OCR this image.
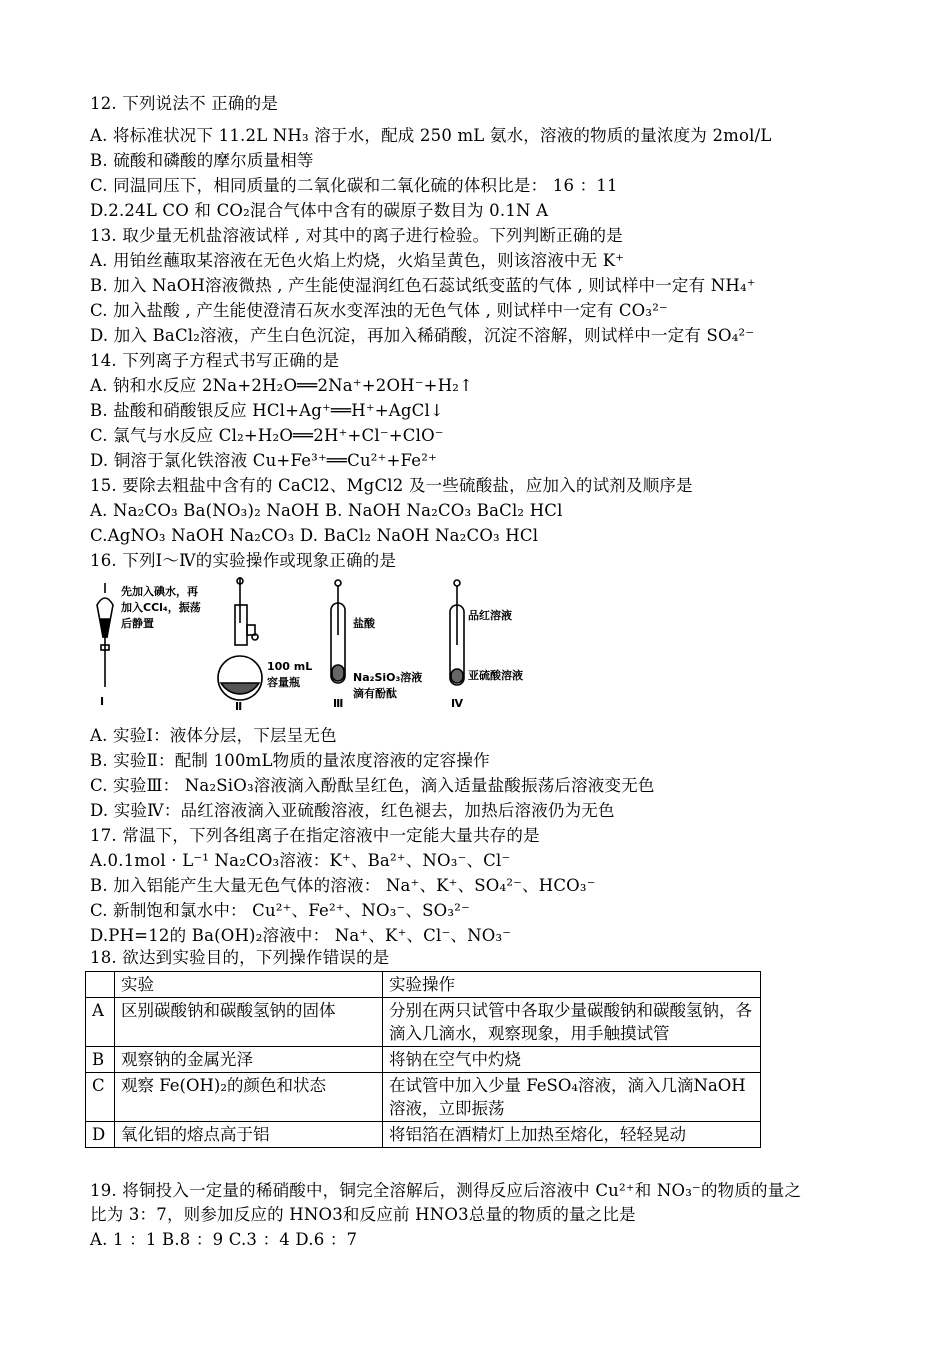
12. 下列说法不 正确的是
A. 将标准状况下 11.2L NH₃ 溶于水，配成 250 mL 氨水，溶液的物质的量浓度为 2mol/L
B. 硫酸和磷酸的摩尔质量相等
C. 同温同压下，相同质量的二氧化碳和二氧化硫的体积比是： 16 ：11
D.2.24L CO 和 CO₂混合气体中含有的碳原子数目为 0.1N A
13. 取少量无机盐溶液试样 , 对其中的离子进行检验。下列判断正确的是
A. 用铂丝蘸取某溶液在无色火焰上灼烧，火焰呈黄色，则该溶液中无 K⁺
B. 加入 NaOH溶液微热 , 产生能使湿润红色石蕊试纸变蓝的气体 , 则试样中一定有 NH₄⁺
C. 加入盐酸 , 产生能使澄清石灰水变浑浊的无色气体 , 则试样中一定有 CO₃²⁻
D. 加入 BaCl₂溶液，产生白色沉淀，再加入稀硝酸，沉淀不溶解，则试样中一定有 SO₄²⁻
14. 下列离子方程式书写正确的是
A. 钠和水反应 2Na+2H₂O══2Na⁺+2OH⁻+H₂↑
B. 盐酸和硝酸银反应 HCl+Ag⁺══H⁺+AgCl↓
C. 氯气与水反应 Cl₂+H₂O══2H⁺+Cl⁻+ClO⁻
D. 铜溶于氯化铁溶液 Cu+Fe³⁺══Cu²⁺+Fe²⁺
15. 要除去粗盐中含有的 CaCl2、MgCl2 及一些硫酸盐，应加入的试剂及顺序是
A. Na₂CO₃ Ba(NO₃)₂ NaOH B. NaOH Na₂CO₃ BaCl₂ HCl
C.AgNO₃ NaOH Na₂CO₃ D. BaCl₂ NaOH Na₂CO₃ HCl
16. 下列Ⅰ～Ⅳ的实验操作或现象正确的是
先加入碘水，再
加入CCl₄，振荡
后静置
Ⅰ
100 mL
容量瓶
Ⅱ
盐酸
Na₂SiO₃溶液
滴有酚酞
Ⅲ
品红溶液
亚硫酸溶液
Ⅳ
A. 实验Ⅰ：液体分层，下层呈无色
B. 实验Ⅱ：配制 100mL物质的量浓度溶液的定容操作
C. 实验Ⅲ： Na₂SiO₃溶液滴入酚酞呈红色，滴入适量盐酸振荡后溶液变无色
D. 实验Ⅳ：品红溶液滴入亚硫酸溶液，红色褪去，加热后溶液仍为无色
17. 常温下，下列各组离子在指定溶液中一定能大量共存的是
A.0.1mol · L⁻¹ Na₂CO₃溶液：K⁺、Ba²⁺、NO₃⁻、Cl⁻
B. 加入铝能产生大量无色气体的溶液： Na⁺、K⁺、SO₄²⁻、HCO₃⁻
C. 新制饱和氯水中： Cu²⁺、Fe²⁺、NO₃⁻、SO₃²⁻
D.PH=12的 Ba(OH)₂溶液中： Na⁺、K⁺、Cl⁻、NO₃⁻
18. 欲达到实验目的，下列操作错误的是
	实验	实验操作
A	区别碳酸钠和碳酸氢钠的固体	分别在两只试管中各取少量碳酸钠和碳酸氢钠，各滴入几滴水，观察现象，用手触摸试管
B	观察钠的金属光泽	将钠在空气中灼烧
C	观察 Fe(OH)₂的颜色和状态	在试管中加入少量 FeSO₄溶液，滴入几滴NaOH溶液，立即振荡
D	氧化铝的熔点高于铝	将铝箔在酒精灯上加热至熔化，轻轻晃动
19. 将铜投入一定量的稀硝酸中，铜完全溶解后，测得反应后溶液中 Cu²⁺和 NO₃⁻的物质的量之
比为 3：7，则参加反应的 HNO3和反应前 HNO3总量的物质的量之比是
A. 1 ：1 B.8 ：9 C.3 ：4 D.6 ：7
